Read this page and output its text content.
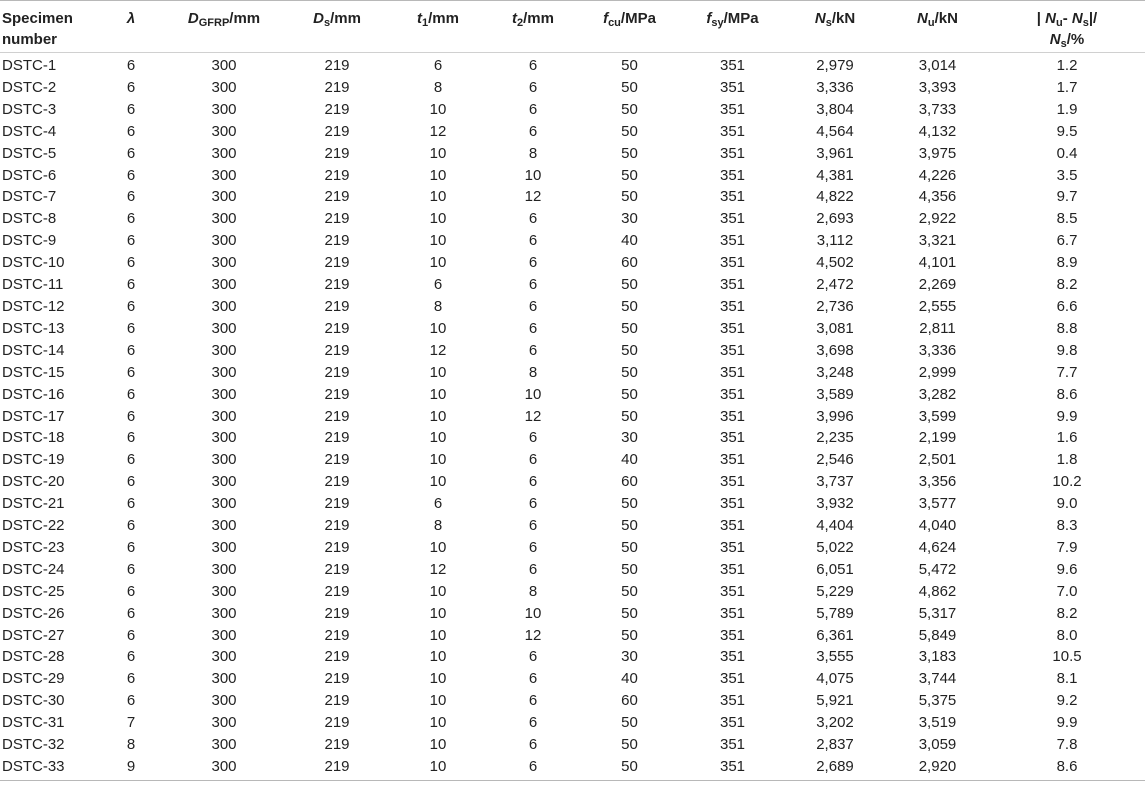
Specimen
number	λ	$D_{GFRP}/mm$	$D_s/mm$	$t_1/mm$	$t_2/mm$	$f_{cu}$/MPa	$f_{sy}$/MPa	$N_s/kN$	$N_u/kN$	| $N_u-$ $N_s|/$
$N_s/\%$
DSTC-1	6	300	219	6	6	50	351	2,979	3,014	1.2
DSTC-2	6	300	219	8	6	50	351	3,336	3,393	1.7
DSTC-3	6	300	219	10	6	50	351	3,804	3,733	1.9
DSTC-4	6	300	219	12	6	50	351	4,564	4,132	9.5
DSTC-5	6	300	219	10	8	50	351	3,961	3,975	0.4
DSTC-6	6	300	219	10	10	50	351	4,381	4,226	3.5
DSTC-7	6	300	219	10	12	50	351	4,822	4,356	9.7
DSTC-8	6	300	219	10	6	30	351	2,693	2,922	8.5
DSTC-9	6	300	219	10	6	40	351	3,112	3,321	6.7
DSTC-10	6	300	219	10	6	60	351	4,502	4,101	8.9
DSTC-11	6	300	219	6	6	50	351	2,472	2,269	8.2
DSTC-12	6	300	219	8	6	50	351	2,736	2,555	6.6
DSTC-13	6	300	219	10	6	50	351	3,081	2,811	8.8
DSTC-14	6	300	219	12	6	50	351	3,698	3,336	9.8
DSTC-15	6	300	219	10	8	50	351	3,248	2,999	7.7
DSTC-16	6	300	219	10	10	50	351	3,589	3,282	8.6
DSTC-17	6	300	219	10	12	50	351	3,996	3,599	9.9
DSTC-18	6	300	219	10	6	30	351	2,235	2,199	1.6
DSTC-19	6	300	219	10	6	40	351	2,546	2,501	1.8
DSTC-20	6	300	219	10	6	60	351	3,737	3,356	10.2
DSTC-21	6	300	219	6	6	50	351	3,932	3,577	9.0
DSTC-22	6	300	219	8	6	50	351	4,404	4,040	8.3
DSTC-23	6	300	219	10	6	50	351	5,022	4,624	7.9
DSTC-24	6	300	219	12	6	50	351	6,051	5,472	9.6
DSTC-25	6	300	219	10	8	50	351	5,229	4,862	7.0
DSTC-26	6	300	219	10	10	50	351	5,789	5,317	8.2
DSTC-27	6	300	219	10	12	50	351	6,361	5,849	8.0
DSTC-28	6	300	219	10	6	30	351	3,555	3,183	10.5
DSTC-29	6	300	219	10	6	40	351	4,075	3,744	8.1
DSTC-30	6	300	219	10	6	60	351	5,921	5,375	9.2
DSTC-31	7	300	219	10	6	50	351	3,202	3,519	9.9
DSTC-32	8	300	219	10	6	50	351	2,837	3,059	7.8
DSTC-33	9	300	219	10	6	50	351	2,689	2,920	8.6
